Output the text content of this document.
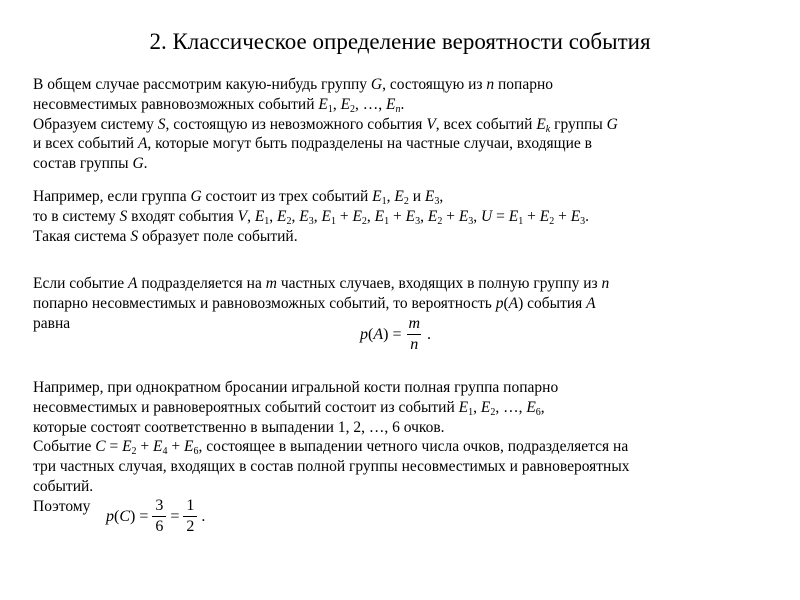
2. Классическое определение вероятности события
В общем случае рассмотрим какую-нибудь группу G, состоящую из n попарно
несовместимых равновозможных событий $E_1$, $E_2$, …, $E_n$.
Образуем систему S, состоящую из невозможного события V, всех событий $E_k$ группы G
и всех событий A, которые могут быть подразделены на частные случаи, входящие в
состав группы G.
Например, если группа G состоит из трех событий $E_1$, $E_2$ и $E_3$,
то в систему S входят события V, $E_1$, $E_2$, $E_3$, $E_1 + E_2$, $E_1 + E_3$, $E_2 + E_3$, $U = E_1 + E_2 + E_3$.
Такая система S образует поле событий.
Если событие A подразделяется на m частных случаев, входящих в полную группу из n
попарно несовместимых и равновозможных событий, то вероятность p(A) события A
равна
p ( A ) = $\frac{m}{n}$ .
Например, при однократном бросании игральной кости полная группа попарно
несовместимых и равновероятных событий состоит из событий $E_1$, $E_2$, …, $E_6$,
которые состоят соответственно в выпадении 1, 2, …, 6 очков.
Событие $C = E_2 + E_4 + E_6$, состоящее в выпадении четного числа очков, подразделяется на
три частных случая, входящих в состав полной группы несовместимых и равновероятных
событий.
Поэтому
p ( C ) = $\frac{3}{6} = \frac{1}{2}$ .
